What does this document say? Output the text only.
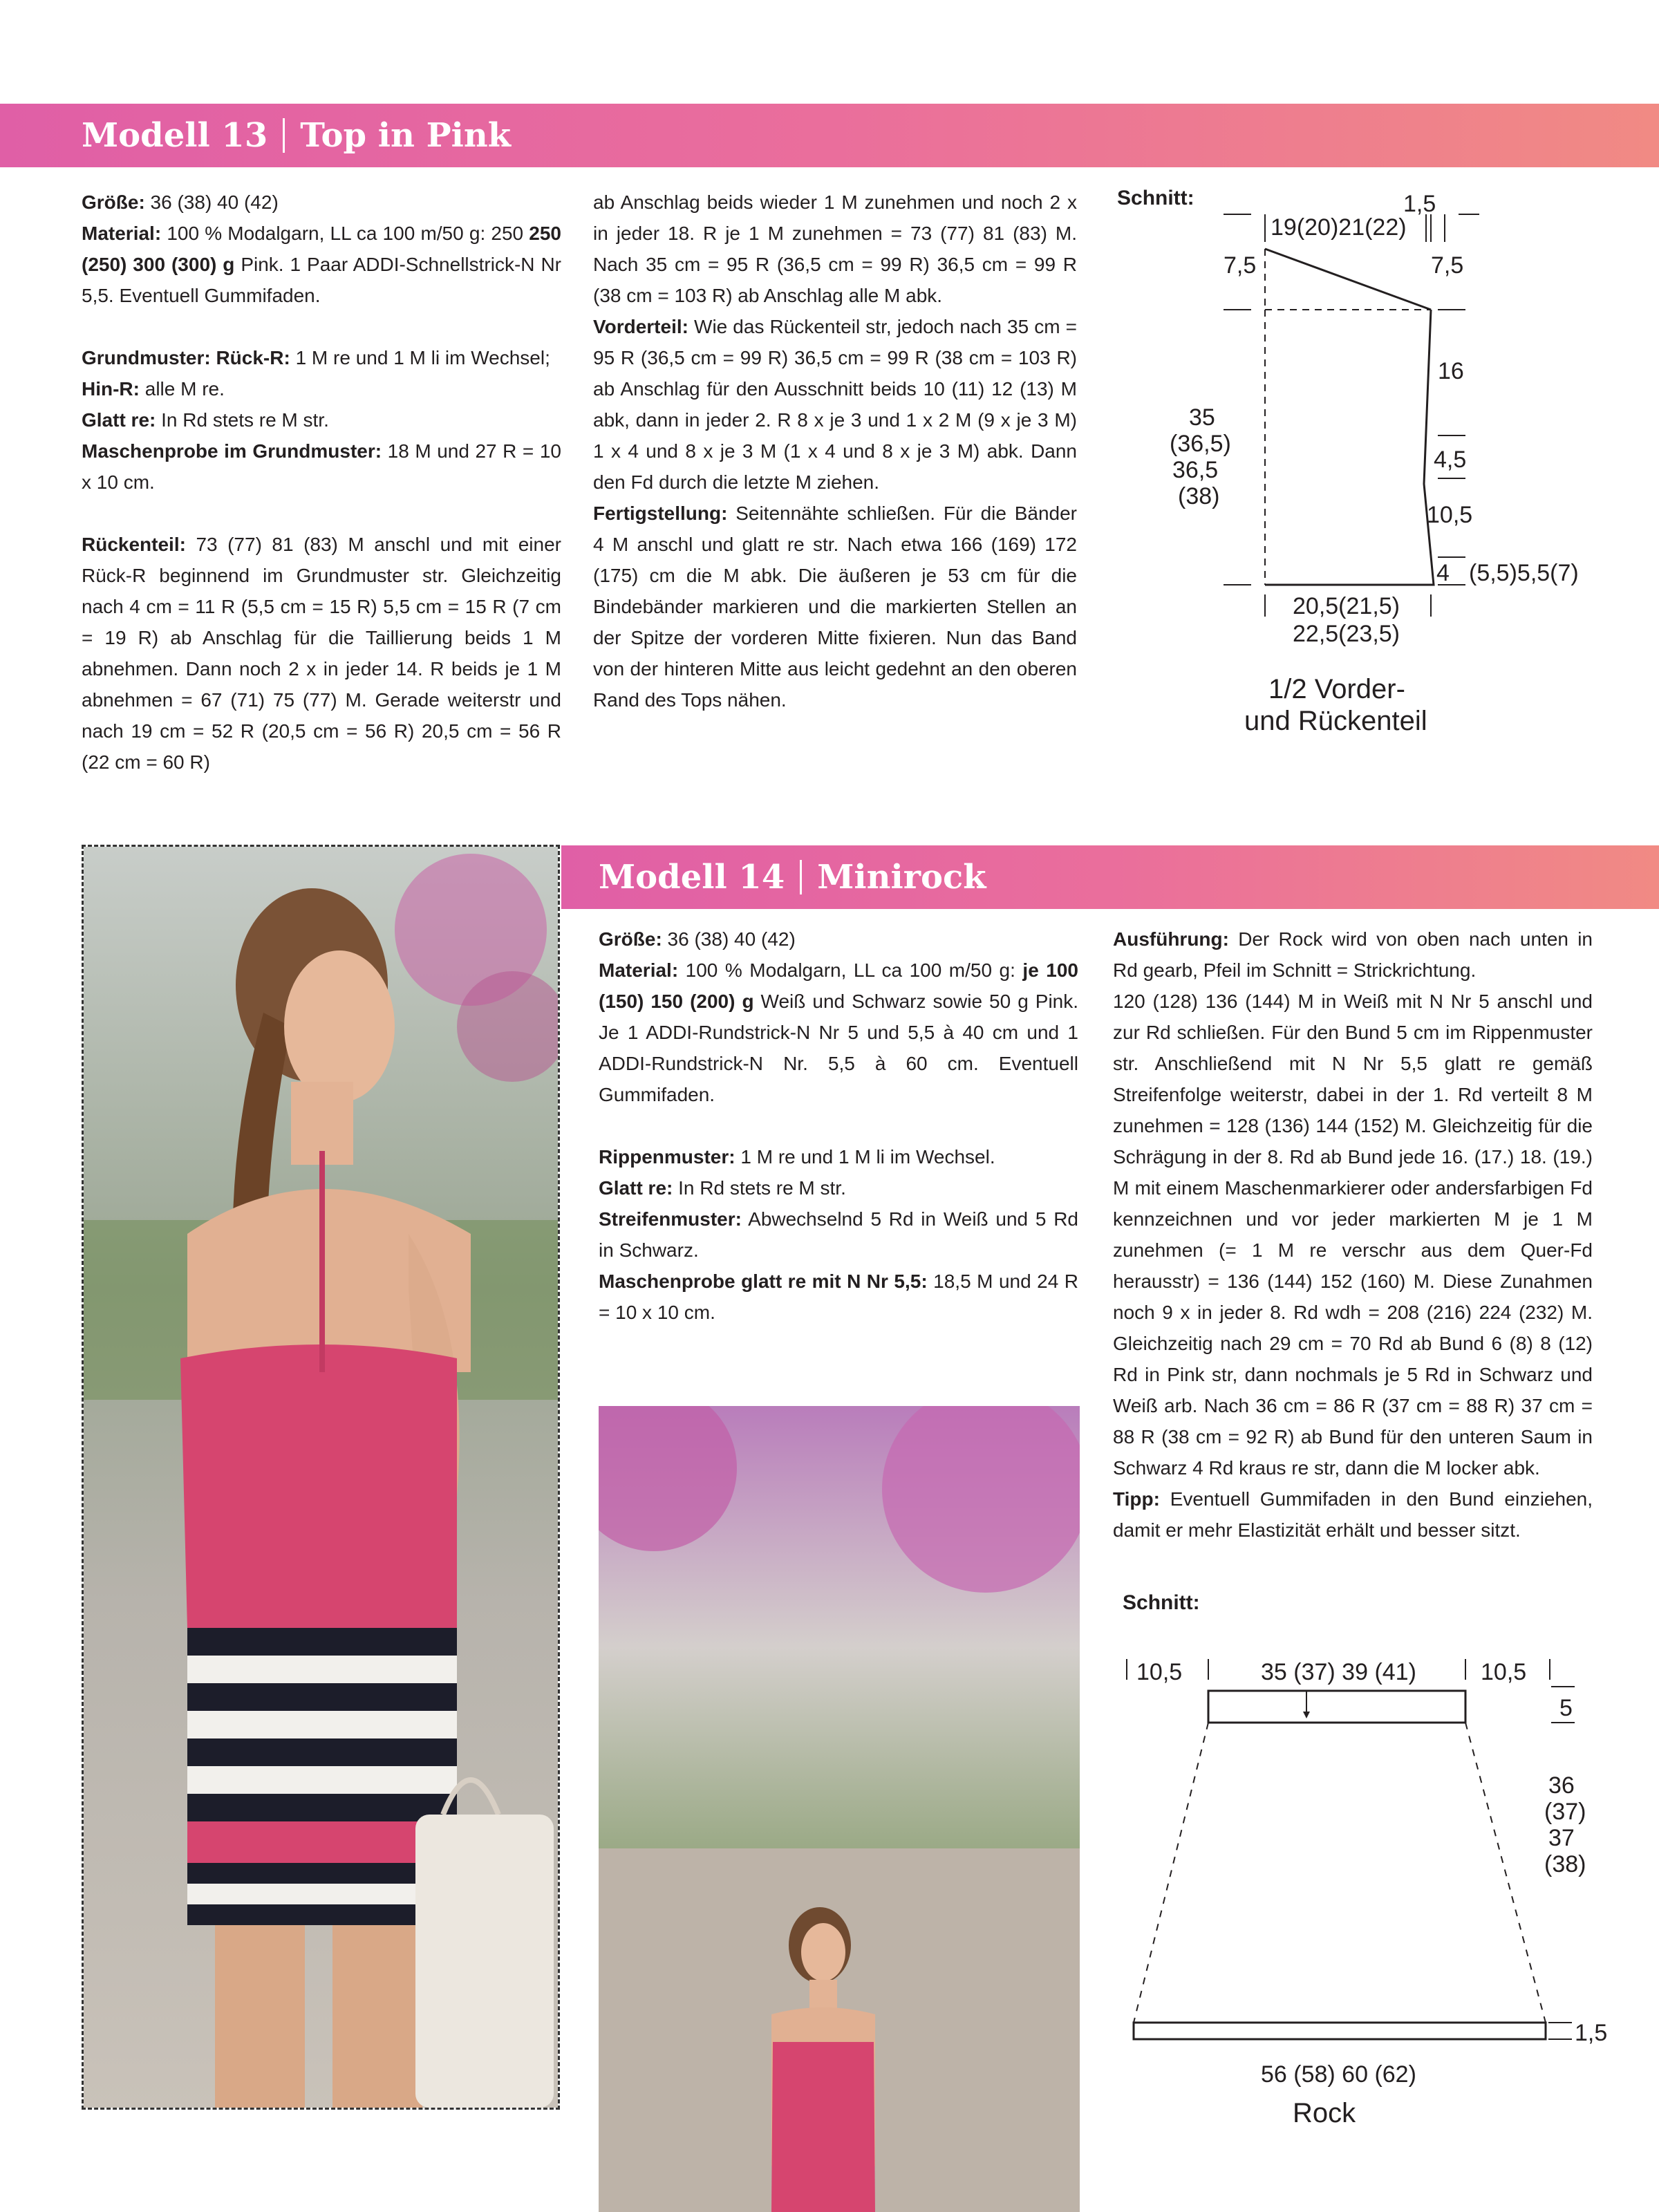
Modell 13 Top in Pink

Größe: 36 (38) 40 (42)

Material: 100 % Modalgarn, LL ca 100 m/50 g: 250 250 (250) 300 (300) g Pink. 1 Paar ADDI-Schnellstrick-N Nr 5,5. Eventuell Gummifaden.

Grundmuster: Rück-R: 1 M re und 1 M li im Wechsel;

Hin-R: alle M re.

Glatt re: In Rd stets re M str.

Maschenprobe im Grundmuster: 18 M und 27 R = 10 x 10 cm.

Rückenteil: 73 (77) 81 (83) M anschl und mit einer Rück-R beginnend im Grundmuster str. Gleichzeitig nach 4 cm = 11 R (5,5 cm = 15 R) 5,5 cm = 15 R (7 cm = 19 R) ab Anschlag für die Taillierung beids 1 M abnehmen. Dann noch 2 x in jeder 14. R beids je 1 M abnehmen = 67 (71) 75 (77) M. Gerade weiterstr und nach 19 cm = 52 R (20,5 cm = 56 R) 20,5 cm = 56 R (22 cm = 60 R)

ab Anschlag beids wieder 1 M zunehmen und noch 2 x in jeder 18. R je 1 M zunehmen = 73 (77) 81 (83) M. Nach 35 cm = 95 R (36,5 cm = 99 R) 36,5 cm = 99 R (38 cm = 103 R) ab Anschlag alle M abk.

Vorderteil: Wie das Rückenteil str, jedoch nach 35 cm = 95 R (36,5 cm = 99 R) 36,5 cm = 99 R (38 cm = 103 R) ab Anschlag für den Ausschnitt beids 10 (11) 12 (13) M abk, dann in jeder 2. R 8 x je 3 und 1 x 2 M (9 x je 3 M) 1 x 4 und 8 x je 3 M (1 x 4 und 8 x je 3 M) abk. Dann den Fd durch die letzte M ziehen.

Fertigstellung: Seitennähte schließen. Für die Bänder 4 M anschl und glatt re str. Nach etwa 166 (169) 172 (175) cm die M abk. Die äußeren je 53 cm für die Bindebänder markieren und die markierten Stellen an der Spitze der vorderen Mitte fixieren. Nun das Band von der hinteren Mitte aus leicht gedehnt an den oberen Rand des Tops nähen.

Schnitt:	1,5
19(20)21(22)
7,5	7,5
16
4,5
10,5
4 (5,5)5,5(7)
35
(36,5)
36,5
(38)
20,5(21,5)
22,5(23,5)
1/2 Vorder-
und Rückenteil
Modell 14 Minirock

Größe: 36 (38) 40 (42)

Material: 100 % Modalgarn, LL ca 100 m/50 g: je 100 (150) 150 (200) g Weiß und Schwarz sowie 50 g Pink. Je 1 ADDI-Rundstrick-N Nr 5 und 5,5 à 40 cm und 1 ADDI-Rundstrick-N Nr. 5,5 à 60 cm. Eventuell Gummifaden.

Rippenmuster: 1 M re und 1 M li im Wechsel.

Glatt re: In Rd stets re M str.

Streifenmuster: Abwechselnd 5 Rd in Weiß und 5 Rd in Schwarz.

Maschenprobe glatt re mit N Nr 5,5: 18,5 M und 24 R = 10 x 10 cm.

Ausführung: Der Rock wird von oben nach unten in Rd gearb, Pfeil im Schnitt = Strickrichtung.

120 (128) 136 (144) M in Weiß mit N Nr 5 anschl und zur Rd schließen. Für den Bund 5 cm im Rippenmuster str. Anschließend mit N Nr 5,5 glatt re gemäß Streifenfolge weiterstr, dabei in der 1. Rd verteilt 8 M zunehmen = 128 (136) 144 (152) M. Gleichzeitig für die Schrägung in der 8. Rd ab Bund jede 16. (17.) 18. (19.) M mit einem Maschenmarkierer oder andersfarbigen Fd kennzeichnen und vor jeder markierten M je 1 M zunehmen (= 1 M re verschr aus dem Quer-Fd herausstr) = 136 (144) 152 (160) M. Diese Zunahmen noch 9 x in jeder 8. Rd wdh = 208 (216) 224 (232) M. Gleichzeitig nach 29 cm = 70 Rd ab Bund 6 (8) 8 (12) Rd in Pink str, dann nochmals je 5 Rd in Schwarz und Weiß arb. Nach 36 cm = 86 R (37 cm = 88 R) 37 cm = 88 R (38 cm = 92 R) ab Bund für den unteren Saum in Schwarz 4 Rd kraus re str, dann die M locker abk.

Tipp: Eventuell Gummifaden in den Bund einziehen, damit er mehr Elastizität erhält und besser sitzt.

Schnitt:
10,5	35 (37) 39 (41)	10,5
5
36
(37)
37
(38)
1,5
56 (58) 60 (62)
Rock
